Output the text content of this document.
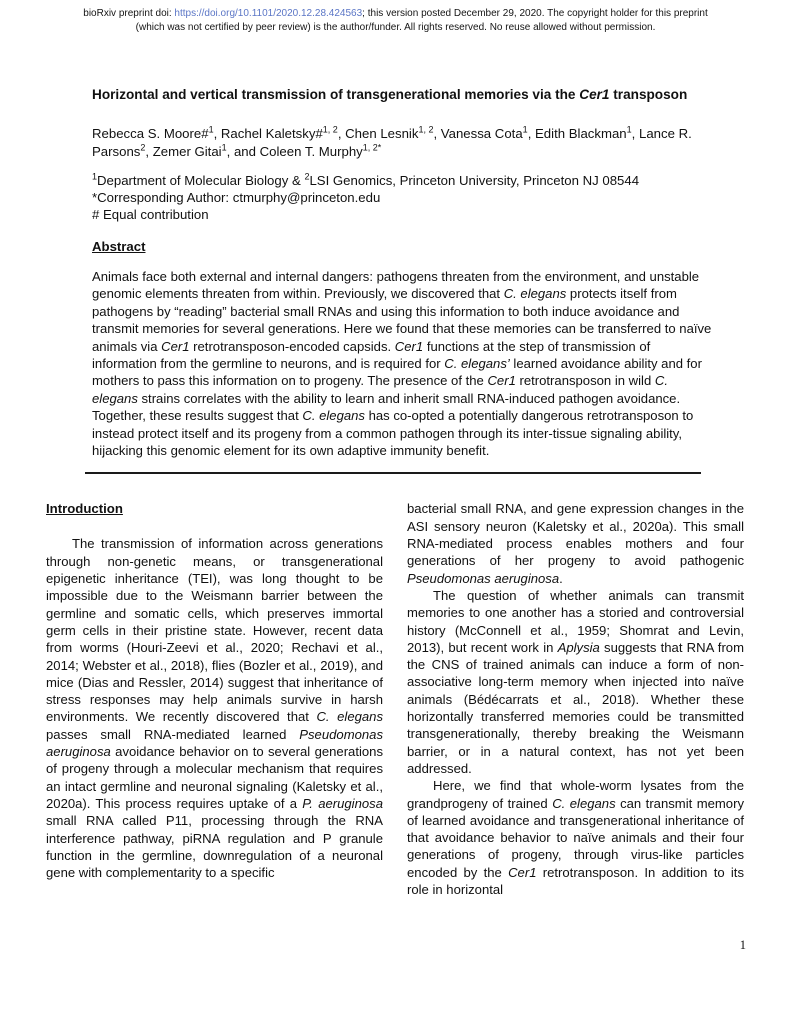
bioRxiv preprint doi: https://doi.org/10.1101/2020.12.28.424563; this version posted December 29, 2020. The copyright holder for this preprint
(which was not certified by peer review) is the author/funder. All rights reserved. No reuse allowed without permission.
Horizontal and vertical transmission of transgenerational memories via the Cer1 transposon

Rebecca S. Moore#$^1$, Rachel Kaletsky#$^{1, 2}$, Chen Lesnik$^{1, 2}$, Vanessa Cota$^1$, Edith Blackman$^1$, Lance R. Parsons$^2$, Zemer Gitai$^1$, and Coleen T. Murphy$^{1, 2*}$

$^1$Department of Molecular Biology & $^2$LSI Genomics, Princeton University, Princeton NJ 08544

*Corresponding Author: ctmurphy@princeton.edu

# Equal contribution

Abstract

Animals face both external and internal dangers: pathogens threaten from the environment, and unstable genomic elements threaten from within. Previously, we discovered that C. elegans protects itself from pathogens by “reading” bacterial small RNAs and using this information to both induce avoidance and transmit memories for several generations. Here we found that these memories can be transferred to naïve animals via Cer1 retrotransposon-encoded capsids. Cer1 functions at the step of transmission of information from the germline to neurons, and is required for C. elegans’ learned avoidance ability and for mothers to pass this information on to progeny. The presence of the Cer1 retrotransposon in wild C. elegans strains correlates with the ability to learn and inherit small RNA-induced pathogen avoidance. Together, these results suggest that C. elegans has co-opted a potentially dangerous retrotransposon to instead protect itself and its progeny from a common pathogen through its inter-tissue signaling ability, hijacking this genomic element for its own adaptive immunity benefit.

Introduction

The transmission of information across generations through non-genetic means, or transgenerational epigenetic inheritance (TEI), was long thought to be impossible due to the Weismann barrier between the germline and somatic cells, which preserves immortal germ cells in their pristine state. However, recent data from worms (Houri-Zeevi et al., 2020; Rechavi et al., 2014; Webster et al., 2018), flies (Bozler et al., 2019), and mice (Dias and Ressler, 2014) suggest that inheritance of stress responses may help animals survive in harsh environments. We recently discovered that C. elegans passes small RNA-mediated learned Pseudomonas aeruginosa avoidance behavior on to several generations of progeny through a molecular mechanism that requires an intact germline and neuronal signaling (Kaletsky et al., 2020a). This process requires uptake of a P. aeruginosa small RNA called P11, processing through the RNA interference pathway, piRNA regulation and P granule function in the germline, downregulation of a neuronal gene with complementarity to a specific

bacterial small RNA, and gene expression changes in the ASI sensory neuron (Kaletsky et al., 2020a). This small RNA-mediated process enables mothers and four generations of her progeny to avoid pathogenic Pseudomonas aeruginosa.

The question of whether animals can transmit memories to one another has a storied and controversial history (McConnell et al., 1959; Shomrat and Levin, 2013), but recent work in Aplysia suggests that RNA from the CNS of trained animals can induce a form of non-associative long-term memory when injected into naïve animals (Bédécarrats et al., 2018). Whether these horizontally transferred memories could be transmitted transgenerationally, thereby breaking the Weismann barrier, or in a natural context, has not yet been addressed.

Here, we find that whole-worm lysates from the grandprogeny of trained C. elegans can transmit memory of learned avoidance and transgenerational inheritance of that avoidance behavior to naïve animals and their four generations of progeny, through virus-like particles encoded by the Cer1 retrotransposon. In addition to its role in horizontal

1
